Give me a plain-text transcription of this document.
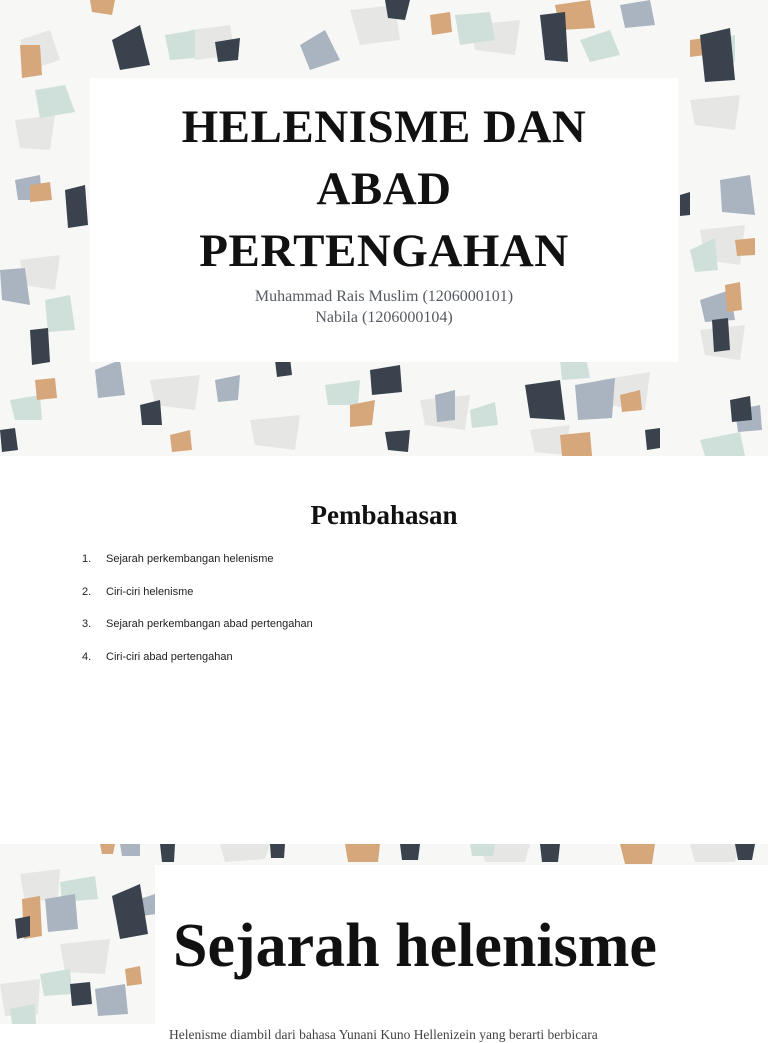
HELENISME DAN
ABAD
PERTENGAHAN
Muhammad Rais Muslim (1206000101)
Nabila (1206000104)
Pembahasan
1.	Sejarah perkembangan helenisme
2.	Ciri-ciri helenisme
3.	Sejarah perkembangan abad pertengahan
4.	Ciri-ciri abad pertengahan
Sejarah helenisme

Helenisme diambil dari bahasa Yunani Kuno Hellenizein yang berarti berbicara
